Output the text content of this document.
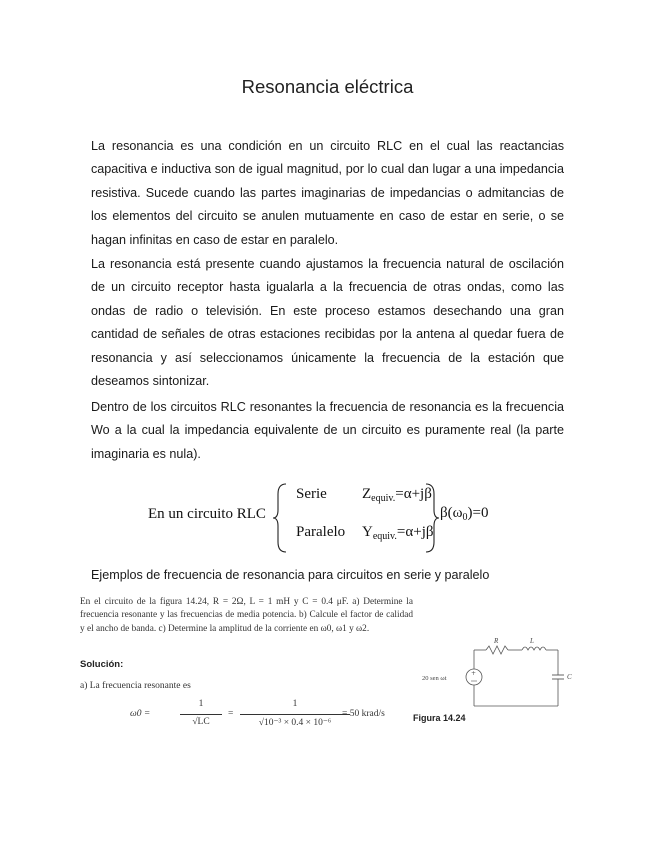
Resonancia eléctrica

La resonancia es una condición en un circuito RLC en el cual las reactancias capacitiva e inductiva son de igual magnitud, por lo cual dan lugar a una impedancia resistiva. Sucede cuando las partes imaginarias de impedancias o admitancias de los elementos del circuito se anulen mutuamente en caso de estar en serie, o se hagan infinitas en caso de estar en paralelo.

La resonancia está presente cuando ajustamos la frecuencia natural de oscilación de un circuito receptor hasta igualarla a la frecuencia de otras ondas, como las ondas de radio o televisión. En este proceso estamos desechando una gran cantidad de señales de otras estaciones recibidas por la antena al quedar fuera de resonancia y así seleccionamos únicamente la frecuencia de la estación que deseamos sintonizar.

Dentro de los circuitos RLC resonantes la frecuencia de resonancia es la frecuencia Wo a la cual la impedancia equivalente de un circuito es puramente real (la parte imaginaria es nula).

En un circuito RLC
Serie $Z_{equiv.}=\alpha+j\beta$
Paralelo $Y_{equiv.}=\alpha+j\beta$
$\beta(\omega_0)=0$
Ejemplos de frecuencia de resonancia para circuitos en serie y paralelo
En el circuito de la figura 14.24, R = 2Ω, L = 1 mH y C = 0.4 μF. a) Determine la frecuencia resonante y las frecuencias de media potencia. b) Calcule el factor de calidad y el ancho de banda. c) Determine la amplitud de la corriente en ω0, ω1 y ω2.
Solución:
a) La frecuencia resonante es
ω0 =
1
√LC
=
1
√10⁻³ × 0.4 × 10⁻⁶
= 50 krad/s
+
R	L
C
20 sen ωt
Figura 14.24
